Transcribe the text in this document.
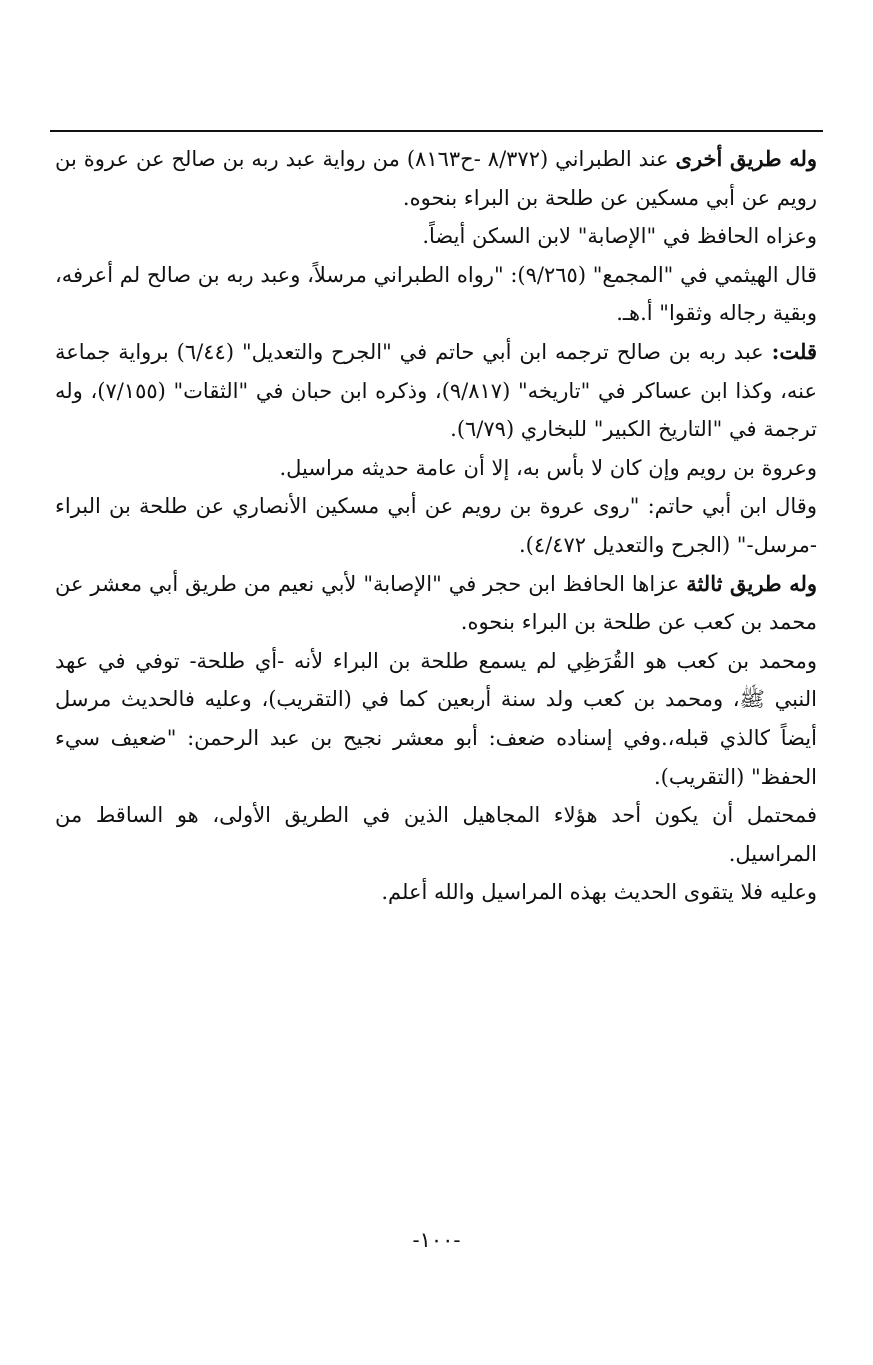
وله طريق أخرى عند الطبراني (٨/٣٧٢ -ح٨١٦٣) من رواية عبد ربه بن صالح عن عروة بن رويم عن أبي مسكين عن طلحة بن البراء بنحوه.

وعزاه الحافظ في "الإصابة" لابن السكن أيضاً.

قال الهيثمي في "المجمع" (٩/٢٦٥): "رواه الطبراني مرسلاً، وعبد ربه بن صالح لم أعرفه، وبقية رجاله وثقوا" أ.هـ.

قلت: عبد ربه بن صالح ترجمه ابن أبي حاتم في "الجرح والتعديل" (٦/٤٤) برواية جماعة عنه، وكذا ابن عساكر في "تاريخه" (٩/٨١٧)، وذكره ابن حبان في "الثقات" (٧/١٥٥)، وله ترجمة في "التاريخ الكبير" للبخاري (٦/٧٩).

وعروة بن رويم وإن كان لا بأس به، إلا أن عامة حديثه مراسيل.

وقال ابن أبي حاتم: "روى عروة بن رويم عن أبي مسكين الأنصاري عن طلحة بن البراء -مرسل-" (الجرح والتعديل ٤/٤٧٢).

وله طريق ثالثة عزاها الحافظ ابن حجر في "الإصابة" لأبي نعيم من طريق أبي معشر عن محمد بن كعب عن طلحة بن البراء بنحوه.

ومحمد بن كعب هو القُرَظِي لم يسمع طلحة بن البراء لأنه -أي طلحة- توفي في عهد النبي ﷺ، ومحمد بن كعب ولد سنة أربعين كما في (التقريب)، وعليه فالحديث مرسل أيضاً كالذي قبله،.وفي إسناده ضعف: أبو معشر نجيح بن عبد الرحمن: "ضعيف سيء الحفظ" (التقريب).

فمحتمل أن يكون أحد هؤلاء المجاهيل الذين في الطريق الأولى، هو الساقط من المراسيل.

وعليه فلا يتقوى الحديث بهذه المراسيل والله أعلم.

-١٠٠-
